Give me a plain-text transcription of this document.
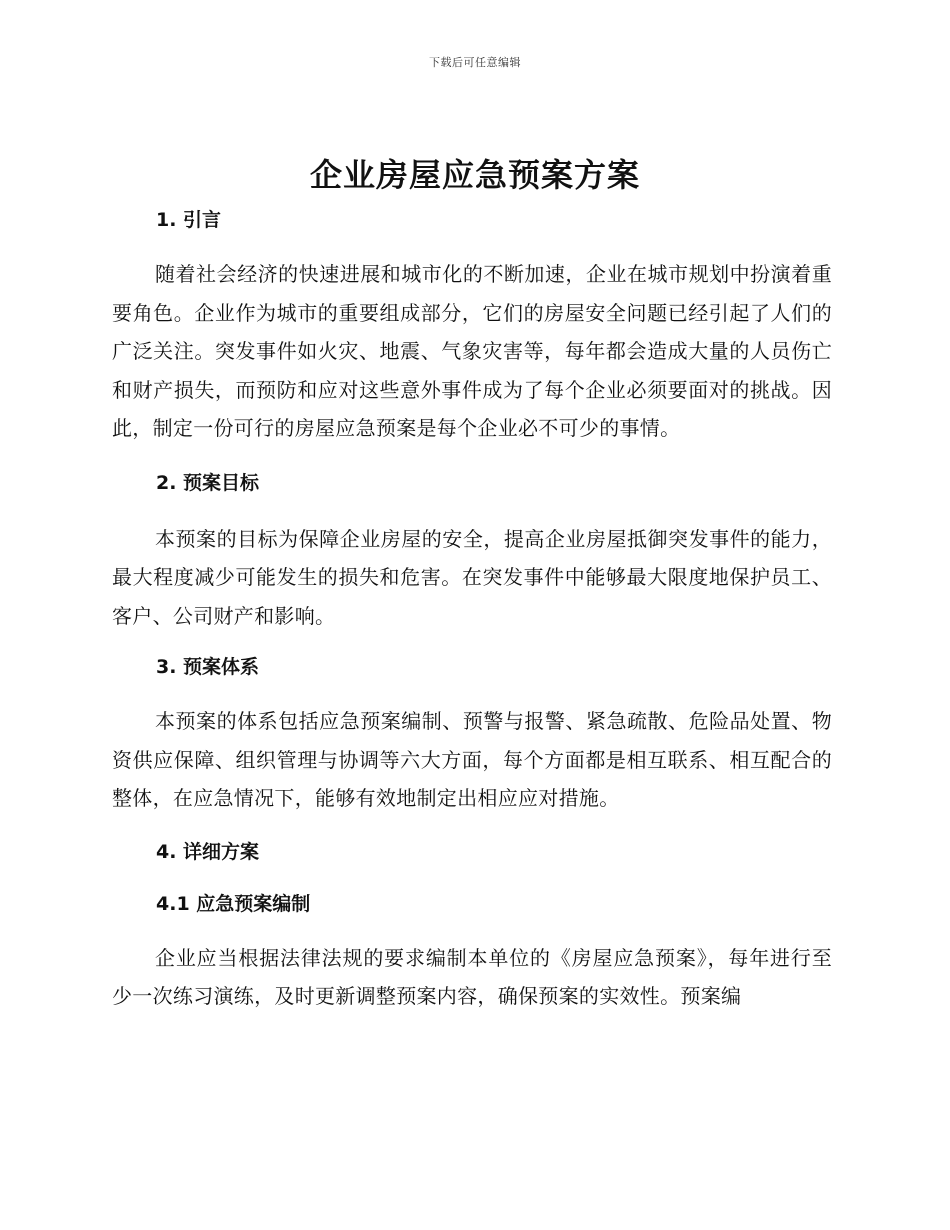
下载后可任意编辑
企业房屋应急预案方案

1. 引言

随着社会经济的快速进展和城市化的不断加速，企业在城市规划中扮演着重要角色。企业作为城市的重要组成部分，它们的房屋安全问题已经引起了人们的广泛关注。突发事件如火灾、地震、气象灾害等，每年都会造成大量的人员伤亡和财产损失，而预防和应对这些意外事件成为了每个企业必须要面对的挑战。因此，制定一份可行的房屋应急预案是每个企业必不可少的事情。

2. 预案目标

本预案的目标为保障企业房屋的安全，提高企业房屋抵御突发事件的能力，最大程度减少可能发生的损失和危害。在突发事件中能够最大限度地保护员工、客户、公司财产和影响。

3. 预案体系

本预案的体系包括应急预案编制、预警与报警、紧急疏散、危险品处置、物资供应保障、组织管理与协调等六大方面，每个方面都是相互联系、相互配合的整体，在应急情况下，能够有效地制定出相应应对措施。

4. 详细方案

4.1 应急预案编制

企业应当根据法律法规的要求编制本单位的《房屋应急预案》，每年进行至少一次练习演练，及时更新调整预案内容，确保预案的实效性。预案编
